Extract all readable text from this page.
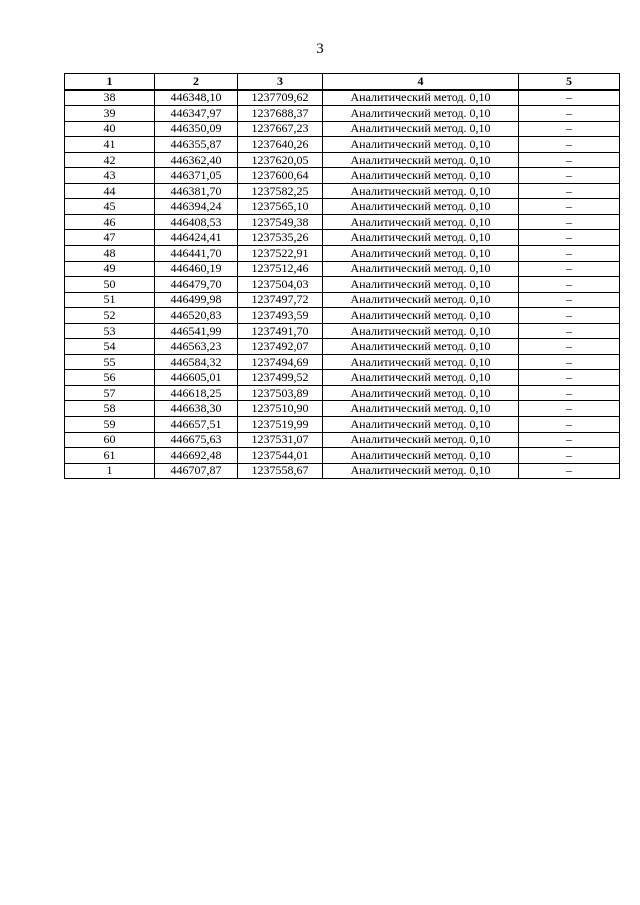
3
1	2	3	4	5
38	446348,10	1237709,62	Аналитический метод. 0,10	–
39	446347,97	1237688,37	Аналитический метод. 0,10	–
40	446350,09	1237667,23	Аналитический метод. 0,10	–
41	446355,87	1237640,26	Аналитический метод. 0,10	–
42	446362,40	1237620,05	Аналитический метод. 0,10	–
43	446371,05	1237600,64	Аналитический метод. 0,10	–
44	446381,70	1237582,25	Аналитический метод. 0,10	–
45	446394,24	1237565,10	Аналитический метод. 0,10	–
46	446408,53	1237549,38	Аналитический метод. 0,10	–
47	446424,41	1237535,26	Аналитический метод. 0,10	–
48	446441,70	1237522,91	Аналитический метод. 0,10	–
49	446460,19	1237512,46	Аналитический метод. 0,10	–
50	446479,70	1237504,03	Аналитический метод. 0,10	–
51	446499,98	1237497,72	Аналитический метод. 0,10	–
52	446520,83	1237493,59	Аналитический метод. 0,10	–
53	446541,99	1237491,70	Аналитический метод. 0,10	–
54	446563,23	1237492,07	Аналитический метод. 0,10	–
55	446584,32	1237494,69	Аналитический метод. 0,10	–
56	446605,01	1237499,52	Аналитический метод. 0,10	–
57	446618,25	1237503,89	Аналитический метод. 0,10	–
58	446638,30	1237510,90	Аналитический метод. 0,10	–
59	446657,51	1237519,99	Аналитический метод. 0,10	–
60	446675,63	1237531,07	Аналитический метод. 0,10	–
61	446692,48	1237544,01	Аналитический метод. 0,10	–
1	446707,87	1237558,67	Аналитический метод. 0,10	–
